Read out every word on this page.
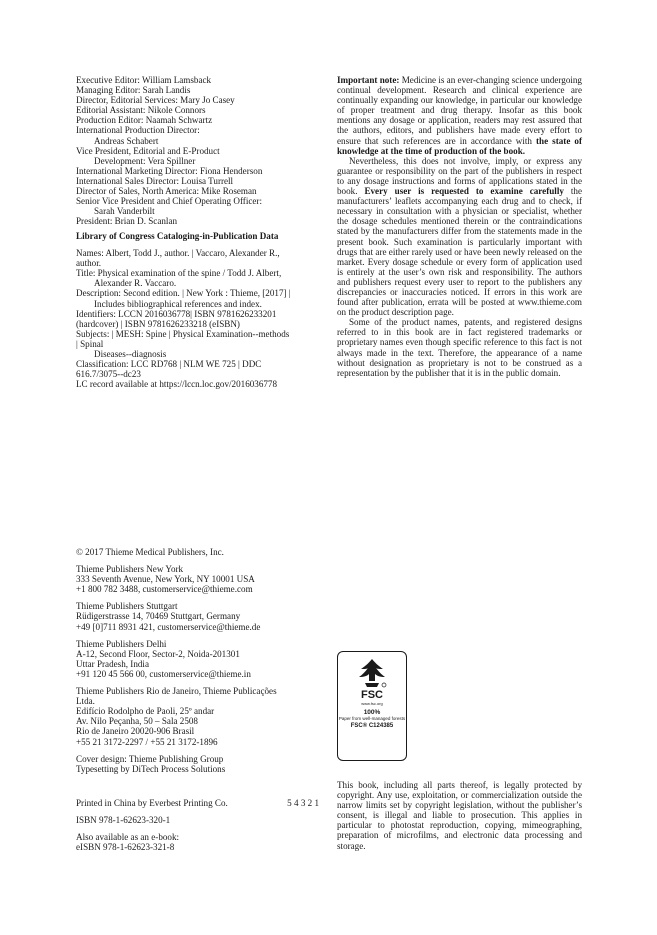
Executive Editor: William Lamsback
Managing Editor: Sarah Landis
Director, Editorial Services: Mary Jo Casey
Editorial Assistant: Nikole Connors
Production Editor: Naamah Schwartz
International Production Director:
Andreas Schabert
Vice President, Editorial and E-Product
Development: Vera Spillner
International Marketing Director: Fiona Henderson
International Sales Director: Louisa Turrell
Director of Sales, North America: Mike Roseman
Senior Vice President and Chief Operating Officer:
Sarah Vanderbilt
President: Brian D. Scanlan
Library of Congress Cataloging-in-Publication Data
Names: Albert, Todd J., author. | Vaccaro, Alexander R.,
author.
Title: Physical examination of the spine / Todd J. Albert,
Alexander R. Vaccaro.
Description: Second edition. | New York : Thieme, [2017] |
Includes bibliographical references and index.
Identifiers: LCCN 2016036778| ISBN 9781626233201
(hardcover) | ISBN 9781626233218 (eISBN)
Subjects: | MESH: Spine | Physical Examination--methods
| Spinal
Diseases--diagnosis
Classification: LCC RD768 | NLM WE 725 | DDC
616.7/3075--dc23
LC record available at https://lccn.loc.gov/2016036778
© 2017 Thieme Medical Publishers, Inc.
Thieme Publishers New York
333 Seventh Avenue, New York, NY 10001 USA
+1 800 782 3488, customerservice@thieme.com
Thieme Publishers Stuttgart
Rüdigerstrasse 14, 70469 Stuttgart, Germany
+49 [0]711 8931 421, customerservice@thieme.de
Thieme Publishers Delhi
A-12, Second Floor, Sector-2, Noida-201301
Uttar Pradesh, India
+91 120 45 566 00, customerservice@thieme.in
Thieme Publishers Rio de Janeiro, Thieme Publicações
Ltda.
Edifício Rodolpho de Paoli, 25º andar
Av. Nilo Peçanha, 50 – Sala 2508
Rio de Janeiro 20020-906 Brasil
+55 21 3172-2297 / +55 21 3172-1896
Cover design: Thieme Publishing Group
Typesetting by DiTech Process Solutions
Printed in China by Everbest Printing Co.	5 4 3 2 1
ISBN 978-1-62623-320-1
Also available as an e-book:
eISBN 978-1-62623-321-8
Important note: Medicine is an ever-changing science undergoing continual development. Research and clinical experience are continually expanding our knowledge, in particular our knowledge of proper treatment and drug therapy. Insofar as this book mentions any dosage or application, readers may rest assured that the authors, editors, and publishers have made every effort to ensure that such references are in accordance with the state of knowledge at the time of production of the book.
Nevertheless, this does not involve, imply, or express any guarantee or responsibility on the part of the publishers in respect to any dosage instructions and forms of applications stated in the book. Every user is requested to examine carefully the manufacturers’ leaflets accompanying each drug and to check, if necessary in consultation with a physician or specialist, whether the dosage schedules mentioned therein or the contraindications stated by the manufacturers differ from the statements made in the present book. Such examination is particularly important with drugs that are either rarely used or have been newly released on the market. Every dosage schedule or every form of application used is entirely at the user’s own risk and responsibility. The authors and publishers request every user to report to the publishers any discrepancies or inaccuracies noticed. If errors in this work are found after publication, errata will be posted at www.thieme.com on the product description page.
Some of the product names, patents, and registered designs referred to in this book are in fact registered trademarks or proprietary names even though specific reference to this fact is not always made in the text. Therefore, the appearance of a name without designation as proprietary is not to be construed as a representation by the publisher that it is in the public domain.
FSC
www.fsc.org
100%
Paper from well-managed forests
FSC® C124385
This book, including all parts thereof, is legally protected by copyright. Any use, exploitation, or commercialization outside the narrow limits set by copyright legislation, without the publisher’s consent, is illegal and liable to prosecution. This applies in particular to photostat reproduction, copying, mimeographing, preparation of microfilms, and electronic data processing and storage.
